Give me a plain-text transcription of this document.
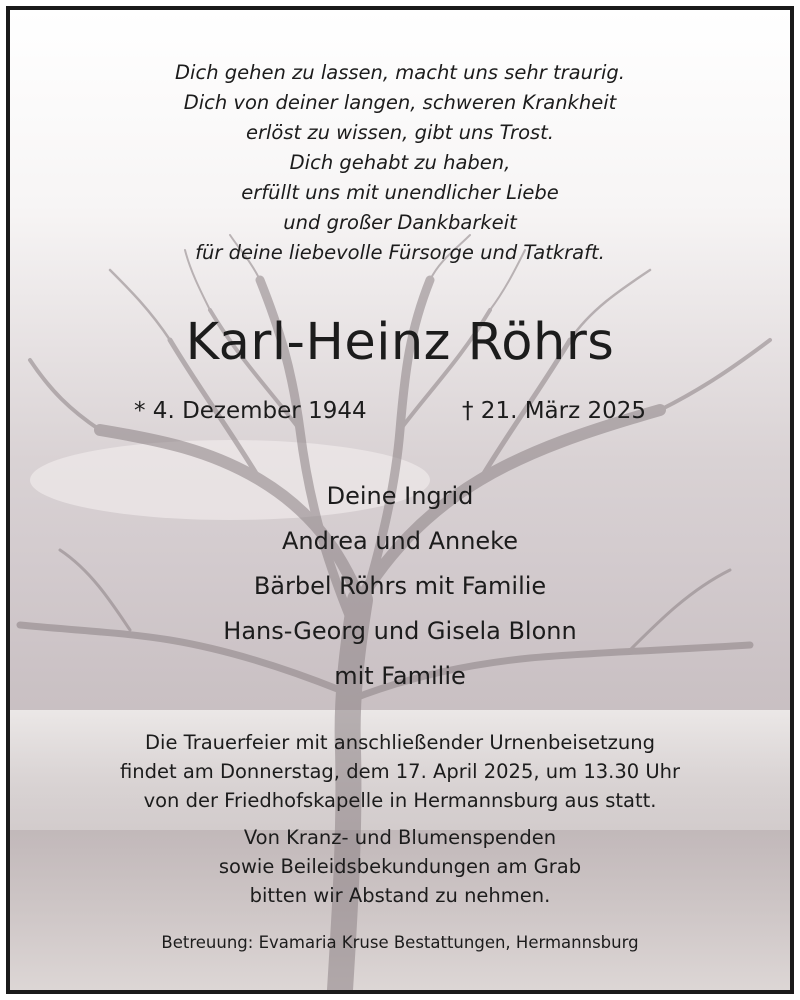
Dich gehen zu lassen, macht uns sehr traurig.
Dich von deiner langen, schweren Krankheit
erlöst zu wissen, gibt uns Trost.
Dich gehabt zu haben,
erfüllt uns mit unendlicher Liebe
und großer Dankbarkeit
für deine liebevolle Fürsorge und Tatkraft.
Karl-Heinz Röhrs
* 4. Dezember 1944	† 21. März 2025
Deine Ingrid
Andrea und Anneke
Bärbel Röhrs mit Familie
Hans-Georg und Gisela Blonn
mit Familie
Die Trauerfeier mit anschließender Urnenbeisetzung
findet am Donnerstag, dem 17. April 2025, um 13.30 Uhr
von der Friedhofskapelle in Hermannsburg aus statt.
Von Kranz- und Blumenspenden
sowie Beileidsbekundungen am Grab
bitten wir Abstand zu nehmen.
Betreuung: Evamaria Kruse Bestattungen, Hermannsburg
